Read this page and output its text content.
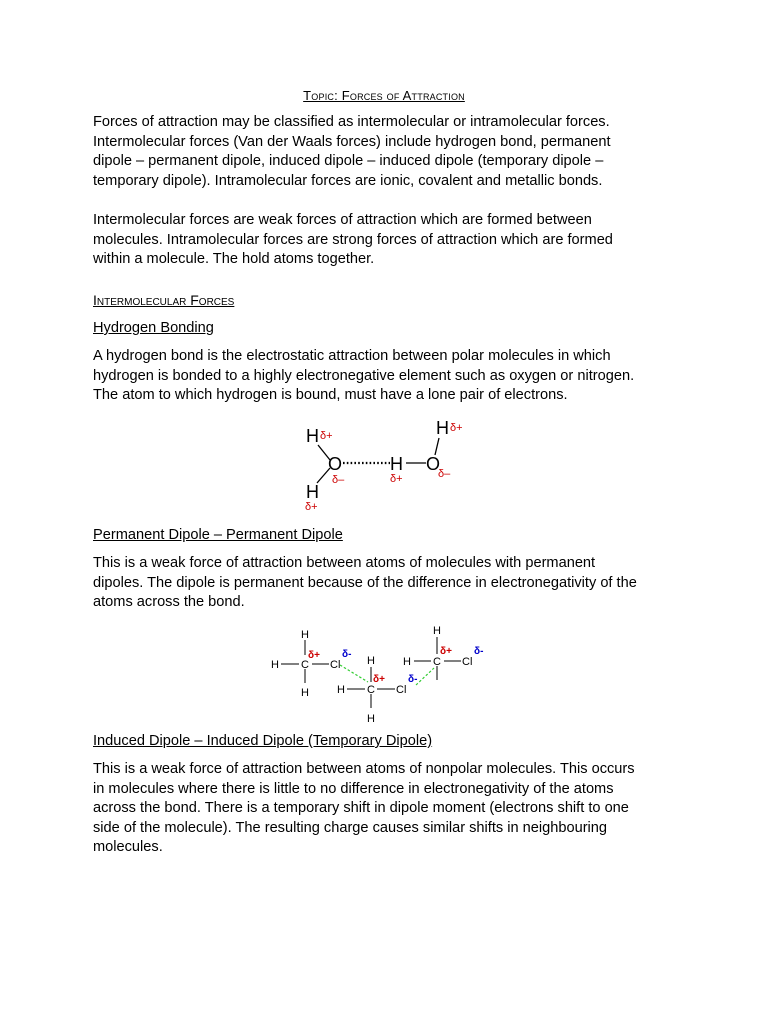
Topic: Forces of Attraction
Forces of attraction may be classified as intermolecular or intramolecular forces.
Intermolecular forces (Van der Waals forces) include hydrogen bond, permanent
dipole – permanent dipole, induced dipole – induced dipole (temporary dipole –
temporary dipole). Intramolecular forces are ionic, covalent and metallic bonds.
Intermolecular forces are weak forces of attraction which are formed between
molecules. Intramolecular forces are strong forces of attraction which are formed
within a molecule. The hold atoms together.
Intermolecular Forces
Hydrogen Bonding
A hydrogen bond is the electrostatic attraction between polar molecules in which
hydrogen is bonded to a highly electronegative element such as oxygen or nitrogen.
The atom to which hydrogen is bound, must have a lone pair of electrons.
H
O
H
H O
H
δ+
δ–
δ+
δ+	δ–
δ+
Permanent Dipole – Permanent Dipole
This is a weak force of attraction between atoms of molecules with permanent
dipoles. The dipole is permanent because of the difference in electronegativity of the
atoms across the bond.
H
H C Cl
H
δ+ δ-
H
H C Cl
H
δ+ δ-
H
H C Cl
δ+ δ-
Induced Dipole – Induced Dipole (Temporary Dipole)
This is a weak force of attraction between atoms of nonpolar molecules. This occurs
in molecules where there is little to no difference in electronegativity of the atoms
across the bond. There is a temporary shift in dipole moment (electrons shift to one
side of the molecule). The resulting charge causes similar shifts in neighbouring
molecules.
